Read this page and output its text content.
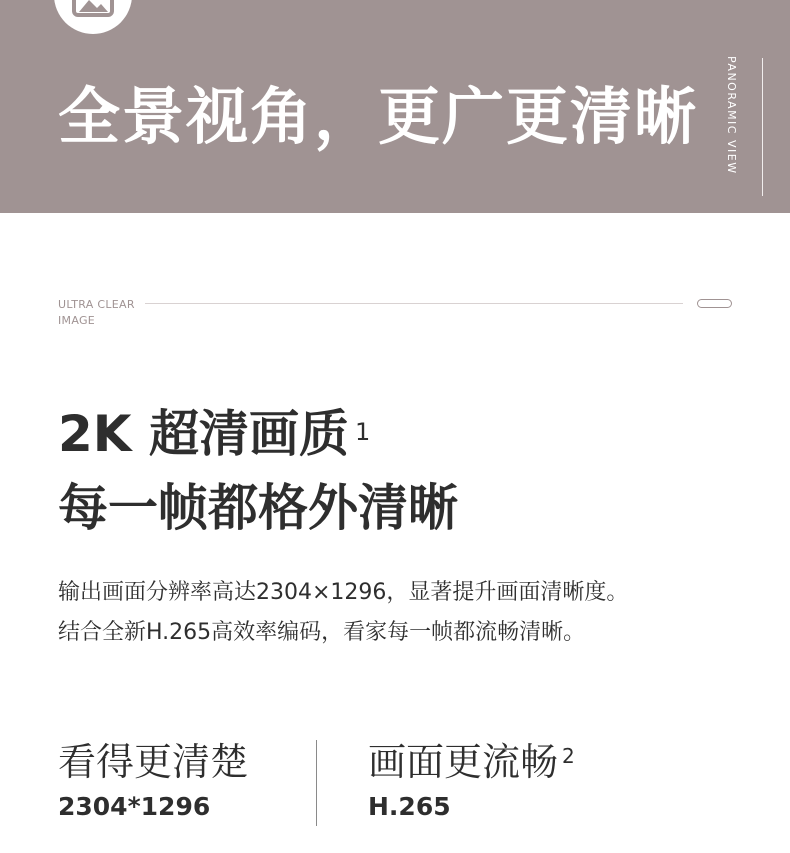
全景视角，更广更清晰 PANORAMIC VIEW
ULTRA CLEAR
IMAGE
2K 超清画质 $^1$
每一帧都格外清晰
输出画面分辨率高达2304×1296，显著提升画面清晰度。
结合全新H.265高效率编码，看家每一帧都流畅清晰。
看得更清楚
2304*1296
画面更流畅 $^2$
H.265
